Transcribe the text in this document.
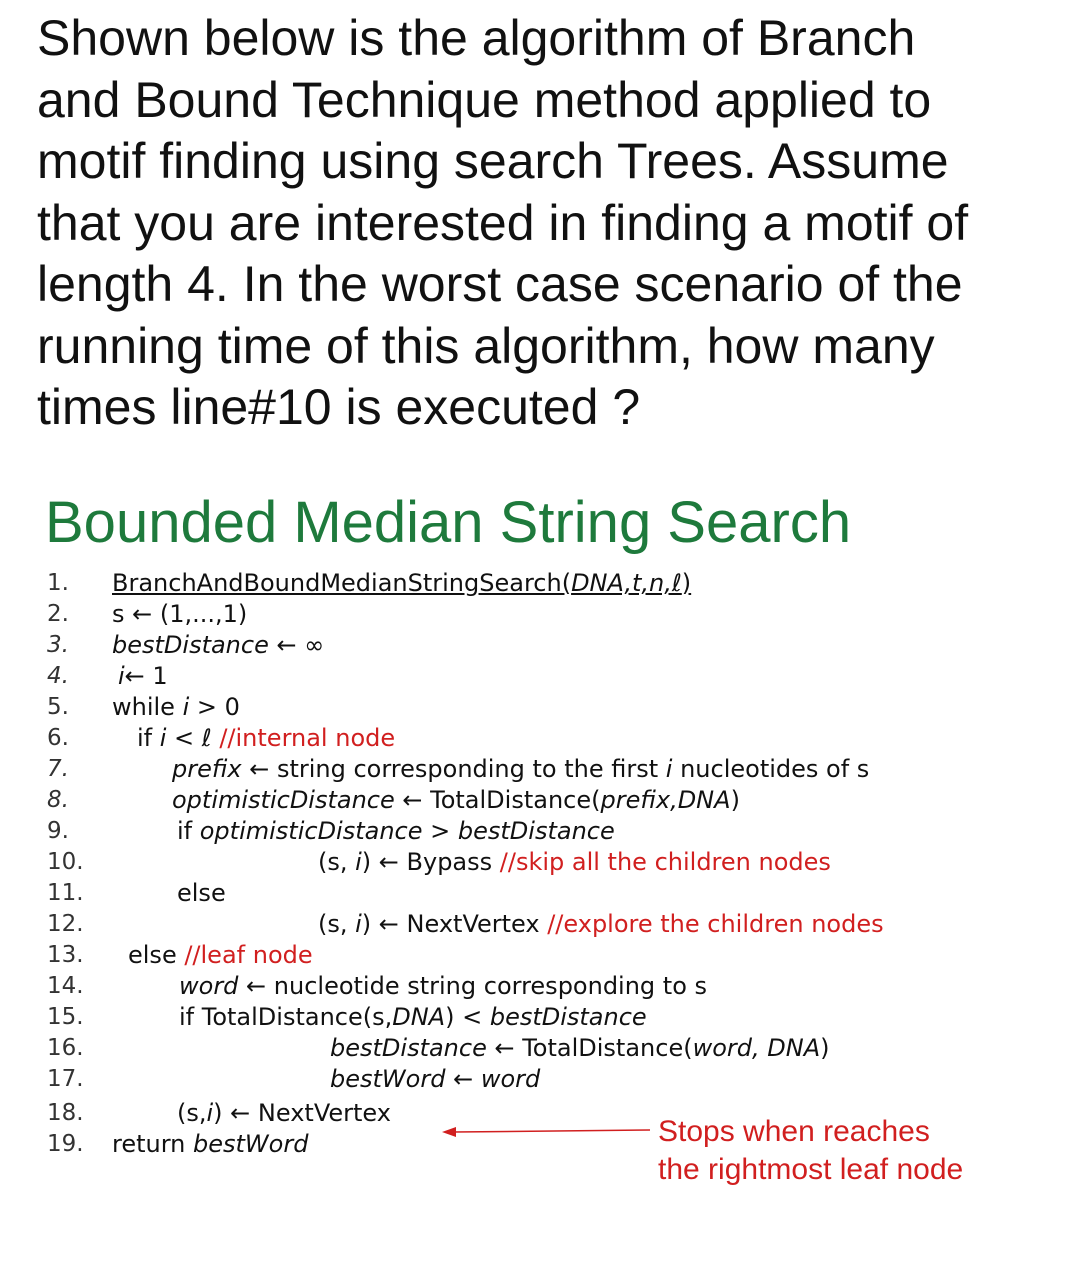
Shown below is the algorithm of Branch
and Bound Technique method applied to
motif finding using search Trees. Assume
that you are interested in finding a motif of
length 4. In the worst case scenario of the
running time of this algorithm, how many
times line#10 is executed ?
Bounded Median String Search
1. BranchAndBoundMedianStringSearch(DNA,t,n,ℓ)
2. s ← (1,...,1)
3. bestDistance ← ∞
4. i← 1
5. while i > 0
6.	if i < ℓ //internal node
7.	prefix ← string corresponding to the first i nucleotides of s
8.	optimisticDistance ← TotalDistance(prefix,DNA)
9.	if optimisticDistance > bestDistance
10.	(s, i) ← Bypass //skip all the children nodes
11.	else
12.	(s, i) ← NextVertex //explore the children nodes
13. else //leaf node
14.	word ← nucleotide string corresponding to s
15.	if TotalDistance(s,DNA) < bestDistance
16.	bestDistance ← TotalDistance(word, DNA)
17.	bestWord ← word
18.	(s,i) ← NextVertex
19. return bestWord	Stops when reaches
the rightmost leaf node
